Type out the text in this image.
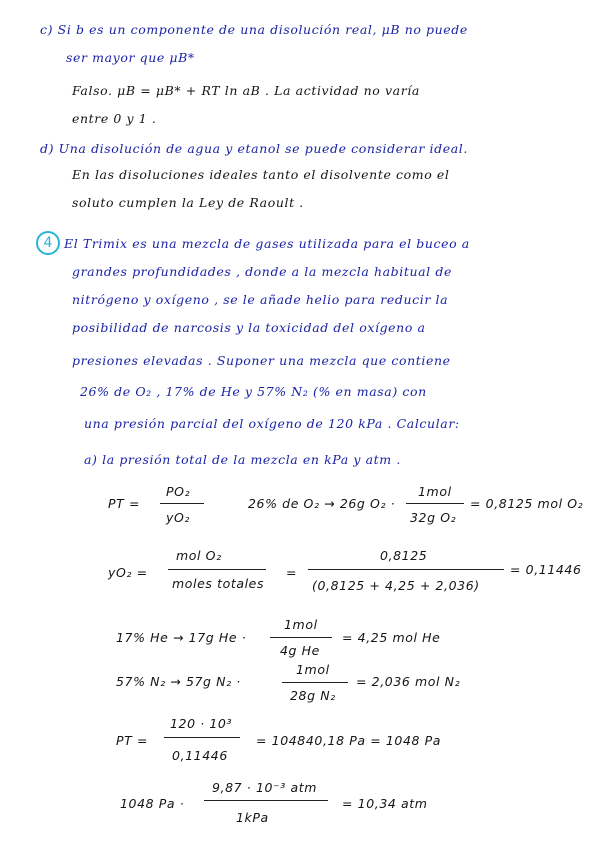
c) Si b es un componente de una disolución real, μB no puede
ser mayor que μB*
Falso. μB = μB* + RT ln aB . La actividad no varía
entre 0 y 1 .
d) Una disolución de agua y etanol se puede considerar ideal.
En las disoluciones ideales tanto el disolvente como el
soluto cumplen la Ley de Raoult .
4 El Trimix es una mezcla de gases utilizada para el buceo a
grandes profundidades , donde a la mezcla habitual de
nitrógeno y oxígeno , se le añade helio para reducir la
posibilidad de narcosis y la toxicidad del oxígeno a
presiones elevadas . Suponer una mezcla que contiene
26% de O₂ , 17% de He y 57% N₂ (% en masa) con
una presión parcial del oxígeno de 120 kPa . Calcular:
a) la presión total de la mezcla en kPa y atm .
PT =
PO₂
yO₂
26% de O₂ → 26g O₂ ·
1mol
32g O₂
= 0,8125 mol O₂
yO₂ =
mol O₂
moles totales
=
0,8125
(0,8125 + 4,25 + 2,036)
= 0,11446
17% He → 17g He ·
1mol
4g He
= 4,25 mol He
57% N₂ → 57g N₂ ·
1mol
28g N₂
= 2,036 mol N₂
PT =
120 · 10³
0,11446
= 104840,18 Pa = 1048 Pa
1048 Pa ·
9,87 · 10⁻³ atm
1kPa
= 10,34 atm
